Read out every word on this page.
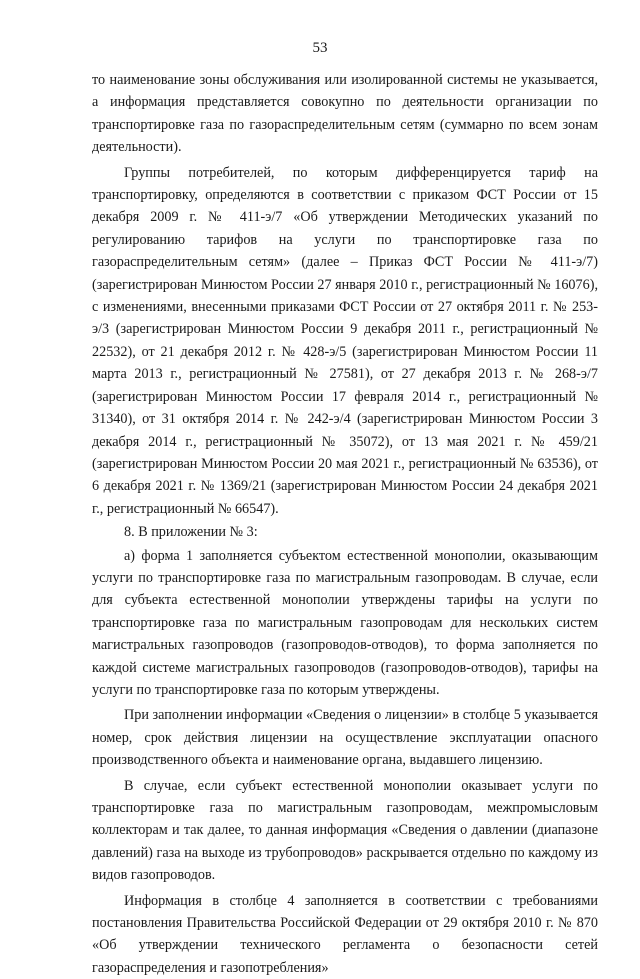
53

то наименование зоны обслуживания или изолированной системы не указывается, а информация представляется совокупно по деятельности организации по транспортировке газа по газораспределительным сетям (суммарно по всем зонам деятельности).

Группы потребителей, по которым дифференцируется тариф на транспортировку, определяются в соответствии с приказом ФСТ России от 15 декабря 2009 г. № 411-э/7 «Об утверждении Методических указаний по регулированию тарифов на услуги по транспортировке газа по газораспределительным сетям» (далее – Приказ ФСТ России № 411-э/7) (зарегистрирован Минюстом России 27 января 2010 г., регистрационный № 16076), с изменениями, внесенными приказами ФСТ России от 27 октября 2011 г. № 253-э/3 (зарегистрирован Минюстом России 9 декабря 2011 г., регистрационный № 22532), от 21 декабря 2012 г. № 428-э/5 (зарегистрирован Минюстом России 11 марта 2013 г., регистрационный № 27581), от 27 декабря 2013 г. № 268-э/7 (зарегистрирован Минюстом России 17 февраля 2014 г., регистрационный № 31340), от 31 октября 2014 г. № 242-э/4 (зарегистрирован Минюстом России 3 декабря 2014 г., регистрационный № 35072), от 13 мая 2021 г. № 459/21 (зарегистрирован Минюстом России 20 мая 2021 г., регистрационный № 63536), от 6 декабря 2021 г. № 1369/21 (зарегистрирован Минюстом России 24 декабря 2021 г., регистрационный № 66547).

8. В приложении № 3:

а) форма 1 заполняется субъектом естественной монополии, оказывающим услуги по транспортировке газа по магистральным газопроводам. В случае, если для субъекта естественной монополии утверждены тарифы на услуги по транспортировке газа по магистральным газопроводам для нескольких систем магистральных газопроводов (газопроводов-отводов), то форма заполняется по каждой системе магистральных газопроводов (газопроводов-отводов), тарифы на услуги по транспортировке газа по которым утверждены.

При заполнении информации «Сведения о лицензии» в столбце 5 указывается номер, срок действия лицензии на осуществление эксплуатации опасного производственного объекта и наименование органа, выдавшего лицензию.

В случае, если субъект естественной монополии оказывает услуги по транспортировке газа по магистральным газопроводам, межпромысловым коллекторам и так далее, то данная информация «Сведения о давлении (диапазоне давлений) газа на выходе из трубопроводов» раскрывается отдельно по каждому из видов газопроводов.

Информация в столбце 4 заполняется в соответствии с требованиями постановления Правительства Российской Федерации от 29 октября 2010 г. № 870 «Об утверждении технического регламента о безопасности сетей газораспределения и газопотребления»
